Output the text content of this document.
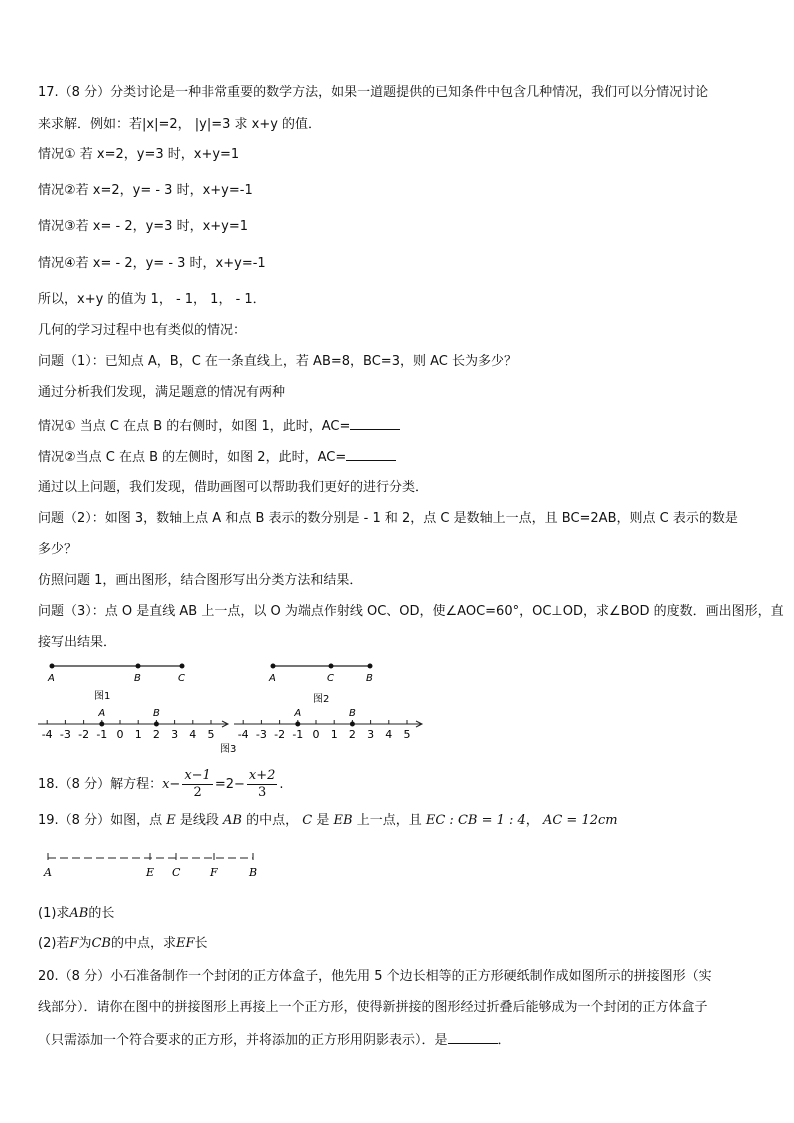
17.（8 分）分类讨论是一种非常重要的数学方法，如果一道题提供的已知条件中包含几种情况，我们可以分情况讨论
来求解．例如：若|x|=2， |y|=3 求 x+y 的值．
情况① 若 x=2，y=3 时，x+y=1
情况②若 x=2，y= - 3 时，x+y=-1
情况③若 x= - 2，y=3 时，x+y=1
情况④若 x= - 2，y= - 3 时，x+y=-1
所以，x+y 的值为 1， - 1， 1， - 1．
几何的学习过程中也有类似的情况：
问题（1）：已知点 A，B，C 在一条直线上，若 AB=8，BC=3，则 AC 长为多少？
通过分析我们发现，满足题意的情况有两种
情况① 当点 C 在点 B 的右侧时，如图 1，此时，AC=
情况②当点 C 在点 B 的左侧时，如图 2，此时，AC=
通过以上问题，我们发现，借助画图可以帮助我们更好的进行分类．
问题（2）：如图 3，数轴上点 A 和点 B 表示的数分别是 - 1 和 2，点 C 是数轴上一点，且 BC=2AB，则点 C 表示的数是
多少？
仿照问题 1，画出图形，结合图形写出分类方法和结果．
问题（3）：点 O 是直线 AB 上一点，以 O 为端点作射线 OC、OD，使∠AOC=60°，OC⊥OD，求∠BOD 的度数．画出图形，直
接写出结果．
A	B	C
图1
A	C	B
图2
-4 -3 -2 -1 0 1 2 3 4 5
A	B
-4 -3 -2 -1 0 1 2 3 4 5
A	B
图3
18.（8 分）解方程：$x- \frac{x-1}{2} =2- \frac{x+2}{3}$ .
19.（8 分）如图，点 E 是线段 AB 的中点， C 是 EB 上一点，且 EC : CB = 1 : 4， AC = 12cm
A	E C	F	B
(1)求AB的长
(2)若F为CB的中点，求EF长
20.（8 分）小石准备制作一个封闭的正方体盒子，他先用 5 个边长相等的正方形硬纸制作成如图所示的拼接图形（实
线部分）．请你在图中的拼接图形上再接上一个正方形，使得新拼接的图形经过折叠后能够成为一个封闭的正方体盒子
（只需添加一个符合要求的正方形，并将添加的正方形用阴影表示）．是	．
